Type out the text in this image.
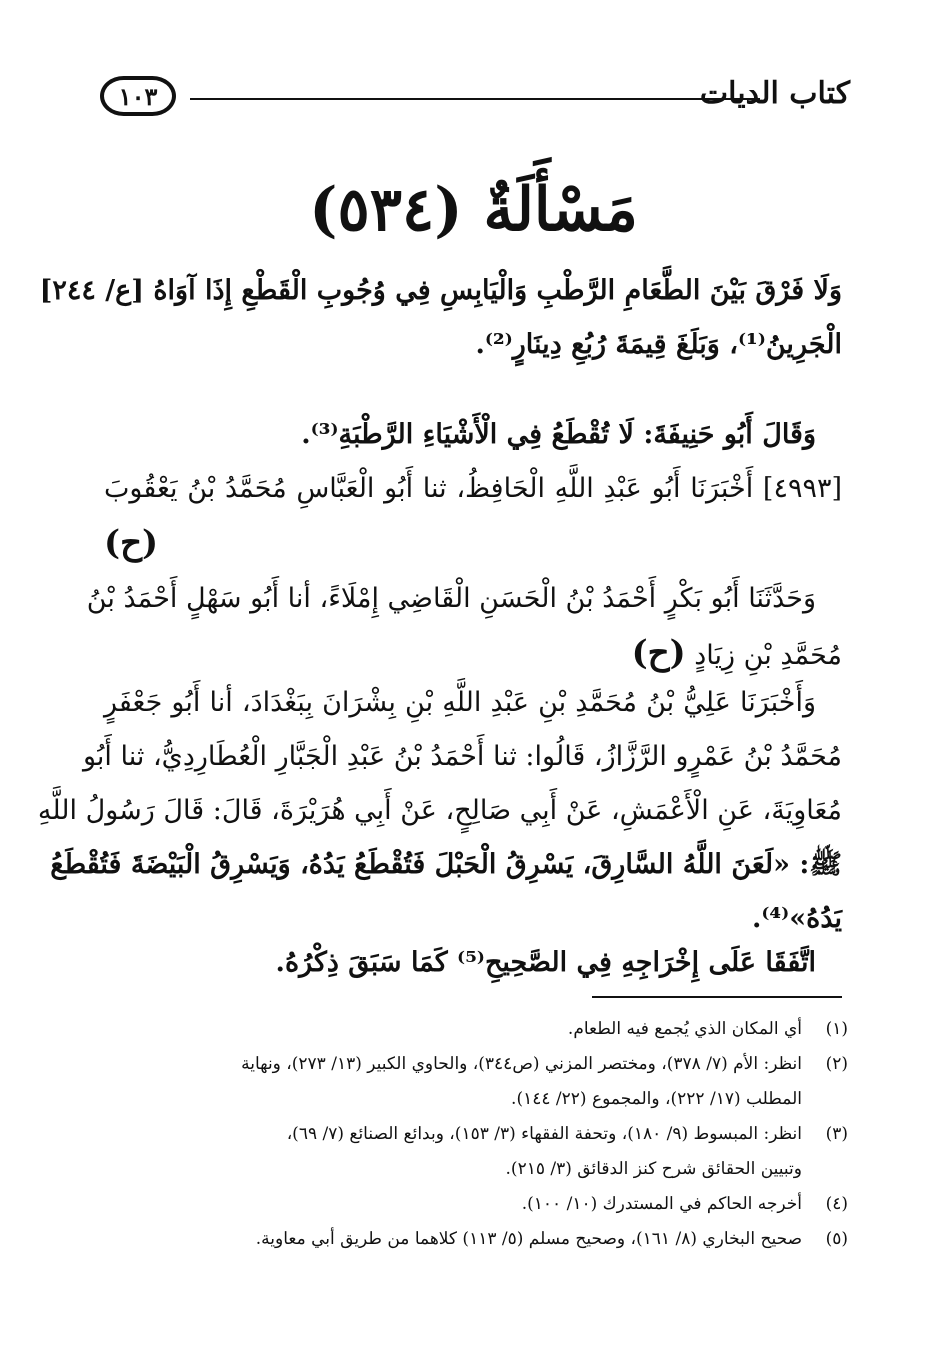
كتاب الديات
١٠٣
مَسْأَلَةٌ (٥٣٤)
وَلَا فَرْقَ بَيْنَ الطَّعَامِ الرَّطْبِ وَالْيَابِسِ فِي وُجُوبِ الْقَطْعِ إِذَا آوَاهُ [ع/ ٢٤٤]
الْجَرِينُ⁽¹⁾، وَبَلَغَ قِيمَةَ رُبُعِ دِينَارٍ⁽²⁾.
وَقَالَ أَبُو حَنِيفَةَ: لَا تُقْطَعُ فِي الْأَشْيَاءِ الرَّطْبَةِ⁽³⁾.
[٤٩٩٣] أَخْبَرَنَا أَبُو عَبْدِ اللَّهِ الْحَافِظُ، ثنا أَبُو الْعَبَّاسِ مُحَمَّدُ بْنُ يَعْقُوبَ
(ح)
وَحَدَّثَنَا أَبُو بَكْرٍ أَحْمَدُ بْنُ الْحَسَنِ الْقَاضِي إِمْلَاءً، أنا أَبُو سَهْلٍ أَحْمَدُ بْنُ
مُحَمَّدِ بْنِ زِيَادٍ (ح)
وَأَخْبَرَنَا عَلِيُّ بْنُ مُحَمَّدِ بْنِ عَبْدِ اللَّهِ بْنِ بِشْرَانَ بِبَغْدَادَ، أنا أَبُو جَعْفَرٍ
مُحَمَّدُ بْنُ عَمْرٍو الرَّزَّازُ، قَالُوا: ثنا أَحْمَدُ بْنُ عَبْدِ الْجَبَّارِ الْعُطَارِدِيُّ، ثنا أَبُو
مُعَاوِيَةَ، عَنِ الْأَعْمَشِ، عَنْ أَبِي صَالِحٍ، عَنْ أَبِي هُرَيْرَةَ، قَالَ: قَالَ رَسُولُ اللَّهِ
ﷺ: «لَعَنَ اللَّهُ السَّارِقَ، يَسْرِقُ الْحَبْلَ فَتُقْطَعُ يَدُهُ، وَيَسْرِقُ الْبَيْضَةَ فَتُقْطَعُ
يَدُهُ»⁽⁴⁾.
اتَّفَقَا عَلَى إِخْرَاجِهِ فِي الصَّحِيحِ⁽⁵⁾ كَمَا سَبَقَ ذِكْرُهُ.
(١)أي المكان الذي يُجمع فيه الطعام.
(٢)انظر: الأم (٧/ ٣٧٨)، ومختصر المزني (ص٣٤٤)، والحاوي الكبير (١٣/ ٢٧٣)، ونهاية
المطلب (١٧/ ٢٢٢)، والمجموع (٢٢/ ١٤٤).
(٣)انظر: المبسوط (٩/ ١٨٠)، وتحفة الفقهاء (٣/ ١٥٣)، وبدائع الصنائع (٧/ ٦٩)،
وتبيين الحقائق شرح كنز الدقائق (٣/ ٢١٥).
(٤)أخرجه الحاكم في المستدرك (١٠/ ١٠٠).
(٥)صحيح البخاري (٨/ ١٦١)، وصحيح مسلم (٥/ ١١٣) كلاهما من طريق أبي معاوية.
